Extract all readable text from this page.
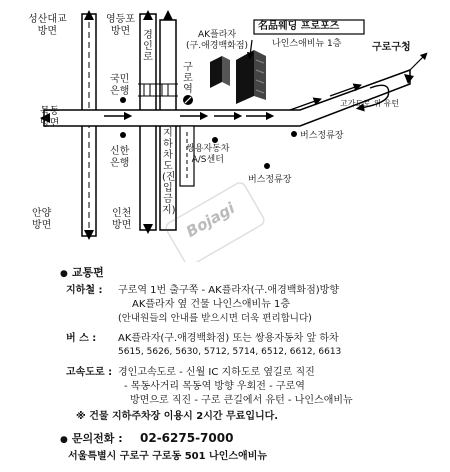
성산대교
방면
영등포
방면
국민
은행
신한
은행
목동
방면
안양
방면
인천
방면
경인로
구로역
지하차도(진입금지)
AK플라자
(구.애경백화점)
名品웨딩 프로포즈
나인스애비뉴 1층	구로구청
고가도로 위 유턴
쌍용자동차
A/S센터
버스정류장
버스정류장
Bojagi
● 교통편
지하철 : 구로역 1번 출구쪽 - AK플라자(구.애경백화점)방향
AK플라자 옆 건물 나인스애비뉴 1층
(안내원들의 안내를 받으시면 더욱 편리합니다)
버 스 : AK플라자(구.애경백화점) 또는 쌍용자동차 앞 하차
5615, 5626, 5630, 5712, 5714, 6512, 6612, 6613
고속도로 : 경인고속도로 - 신월 IC 지하도로 옆길로 직진
- 목동사거리 목동역 방향 우회전 - 구로역
방면으로 직진 - 구로 큰길에서 유턴 - 나인스애비뉴
※ 건물 지하주차장 이용시 2시간 무료입니다.
● 문의전화 : 02-6275-7000
서울특별시 구로구 구로동 501 나인스애비뉴
